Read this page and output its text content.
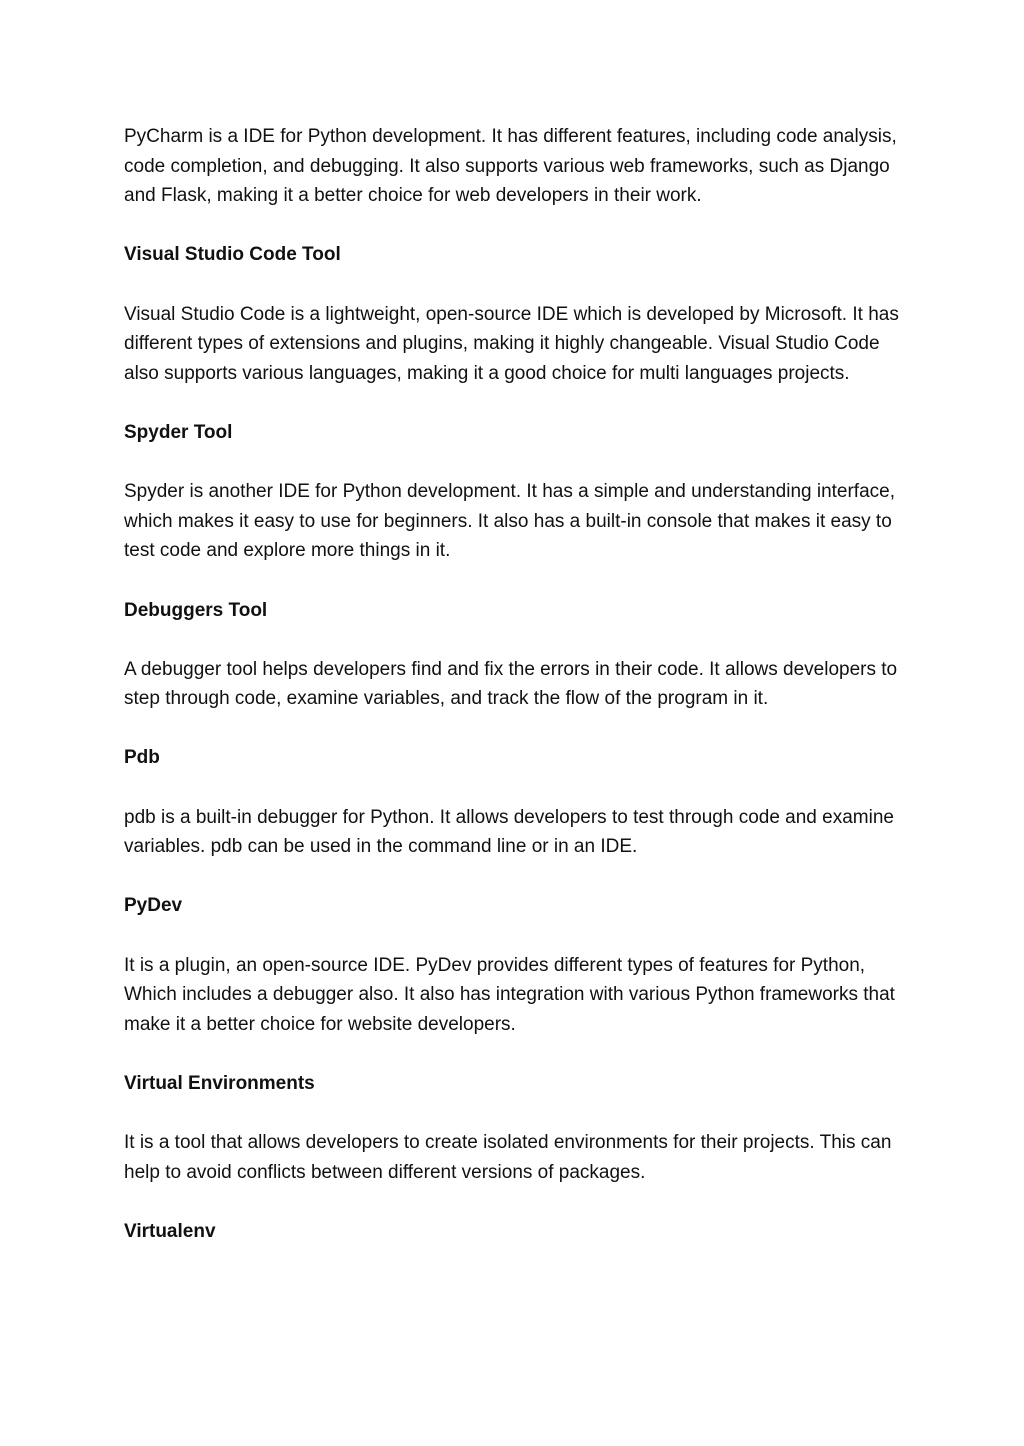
PyCharm is a IDE for Python development. It has different features, including code analysis, code completion, and debugging. It also supports various web frameworks, such as Django and Flask, making it a better choice for web developers in their work.

Visual Studio Code Tool

Visual Studio Code is a lightweight, open-source IDE which is developed by Microsoft. It has different types of extensions and plugins, making it highly changeable. Visual Studio Code also supports various languages, making it a good choice for multi languages projects.

Spyder Tool

Spyder is another IDE for Python development. It has a simple and understanding interface, which makes it easy to use for beginners. It also has a built-in console that makes it easy to test code and explore more things in it.

Debuggers Tool

A debugger tool helps developers find and fix the errors in their code. It allows developers to step through code, examine variables, and track the flow of the program in it.

Pdb

pdb is a built-in debugger for Python. It allows developers to test through code and examine variables. pdb can be used in the command line or in an IDE.

PyDev

It is a plugin, an open-source IDE. PyDev provides different types of features for Python, Which includes a debugger also. It also has integration with various Python frameworks that make it a better choice for website developers.

Virtual Environments

It is a tool that allows developers to create isolated environments for their projects. This can help to avoid conflicts between different versions of packages.

Virtualenv
